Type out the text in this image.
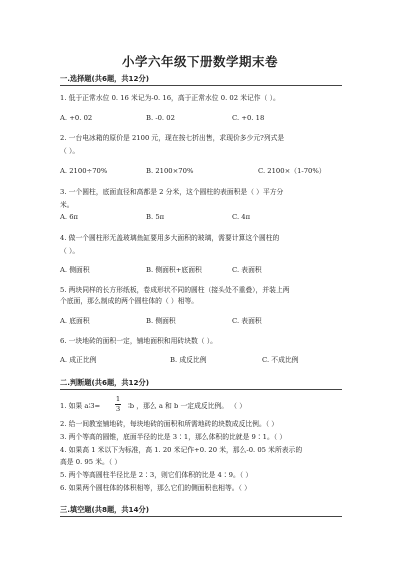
小学六年级下册数学期末卷
一.选择题(共6题，共12分)
1. 低于正常水位 0. 16 米记为-0. 16，高于正常水位 0. 02 米记作（ ）。
A. +0. 02	B. -0. 02	C. +0. 18
2. 一台电冰箱的原价是 2100 元，现在按七折出售，求现价多少元?列式是
（ ）。
A. 2100÷70%	B. 2100×70%	C. 2100×（1-70%）
3. 一个圆柱，底面直径和高都是 2 分米，这个圆柱的表面积是（ ）平方分
米。
A. 6π	B. 5π	C. 4π
4. 做一个圆柱形无盖玻璃鱼缸要用多大面积的玻璃，需要计算这个圆柱的
（ ）。
A. 侧面积	B. 侧面积+底面积	C. 表面积
5. 两块同样的长方形纸板，卷成形状不同的圆柱（接头处不重叠），并装上两
个底面，那么制成的两个圆柱体的（ ）相等。
A. 底面积	B. 侧面积	C. 表面积
6. 一块地砖的面积一定，铺地面积和用砖块数（ ）。
A. 成正比例	B. 成反比例	C. 不成比例
二.判断题(共6题，共12分)
1. 如果 a∶3=
1
3 ∶b ，那么 a 和 b 一定成反比例。 （ ）
2. 给一间教室铺地砖，每块地砖的面积和所需地砖的块数成反比例。（ ）
3. 两个等高的圆锥，底面半径的比是 3∶1，那么体积的比就是 9∶1。（ ）
4. 如果高 1 米以下为标准，高 1. 20 米记作+0. 20 米，那么-0. 05 米所表示的
高是 0. 95 米。（ ）
5. 两个等高圆柱半径比是 2∶3，则它们体积的比是 4∶9。（ ）
6. 如果两个圆柱体的体积相等，那么它们的侧面积也相等。（ ）
三.填空题(共8题，共14分)
